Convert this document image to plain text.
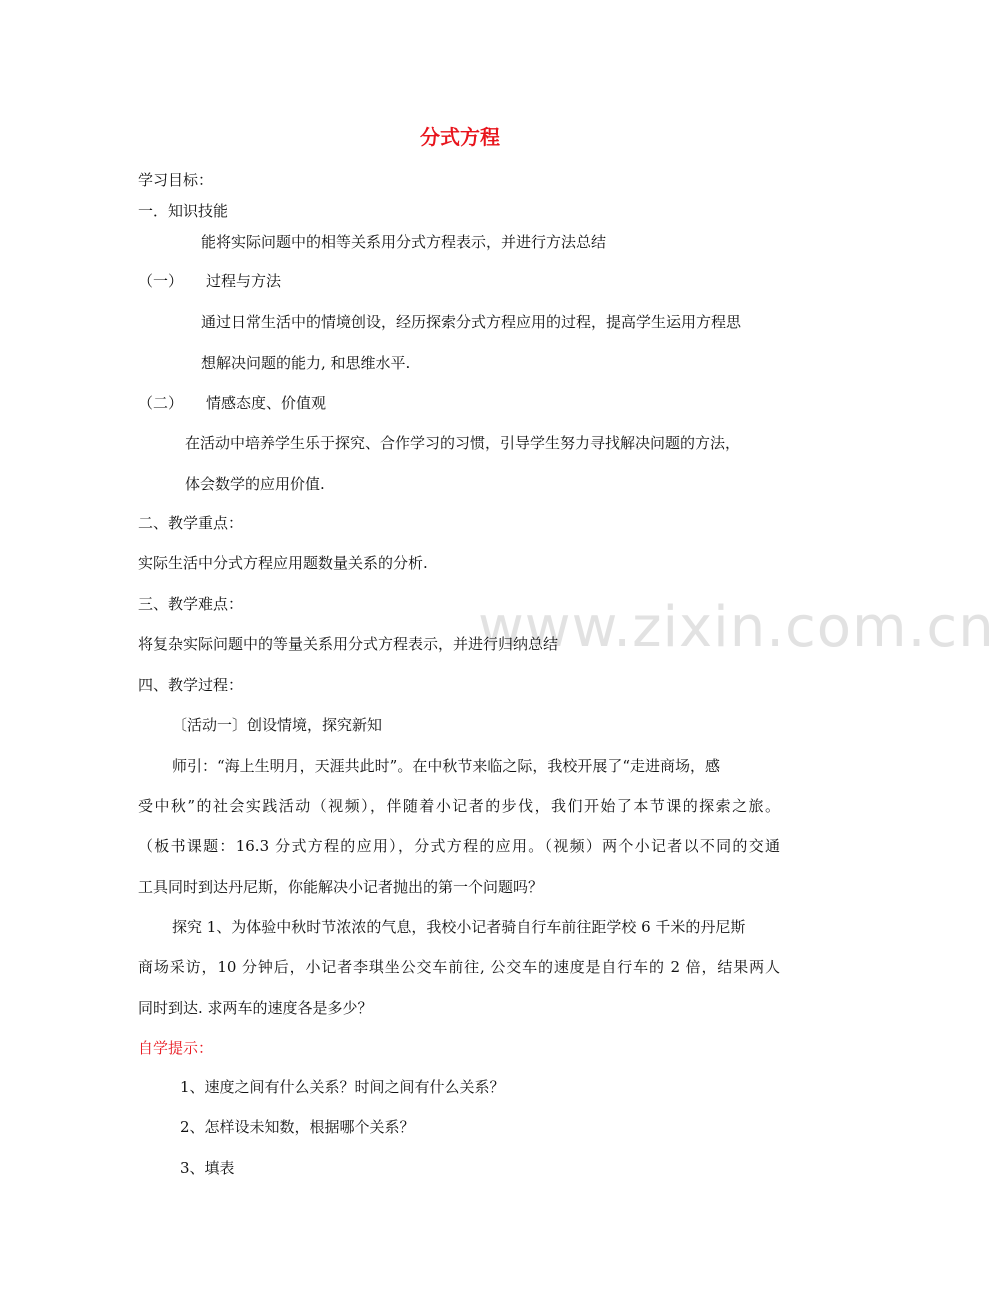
www.zixin.com.cn
分式方程
学习目标：
一．知识技能
能将实际问题中的相等关系用分式方程表示，并进行方法总结
（一） 过程与方法
通过日常生活中的情境创设，经历探索分式方程应用的过程，提高学生运用方程思
想解决问题的能力, 和思维水平.
（二） 情感态度、价值观
在活动中培养学生乐于探究、合作学习的习惯，引导学生努力寻找解决问题的方法，
体会数学的应用价值.
二、教学重点：
实际生活中分式方程应用题数量关系的分析.
三、教学难点：
将复杂实际问题中的等量关系用分式方程表示，并进行归纳总结
四、教学过程：
〔活动一〕创设情境，探究新知
师引：“海上生明月，天涯共此时”。在中秋节来临之际，我校开展了“走进商场，感
受中秋”的社会实践活动（视频），伴随着小记者的步伐，我们开始了本节课的探索之旅。
（板书课题：16.3 分式方程的应用），分式方程的应用。（视频）两个小记者以不同的交通
工具同时到达丹尼斯，你能解决小记者抛出的第一个问题吗？
探究 1、为体验中秋时节浓浓的气息，我校小记者骑自行车前往距学校 6 千米的丹尼斯
商场采访，10 分钟后，小记者李琪坐公交车前往, 公交车的速度是自行车的 2 倍，结果两人
同时到达. 求两车的速度各是多少？
自学提示：
1、速度之间有什么关系？时间之间有什么关系？
2、怎样设未知数，根据哪个关系？
3、填表
